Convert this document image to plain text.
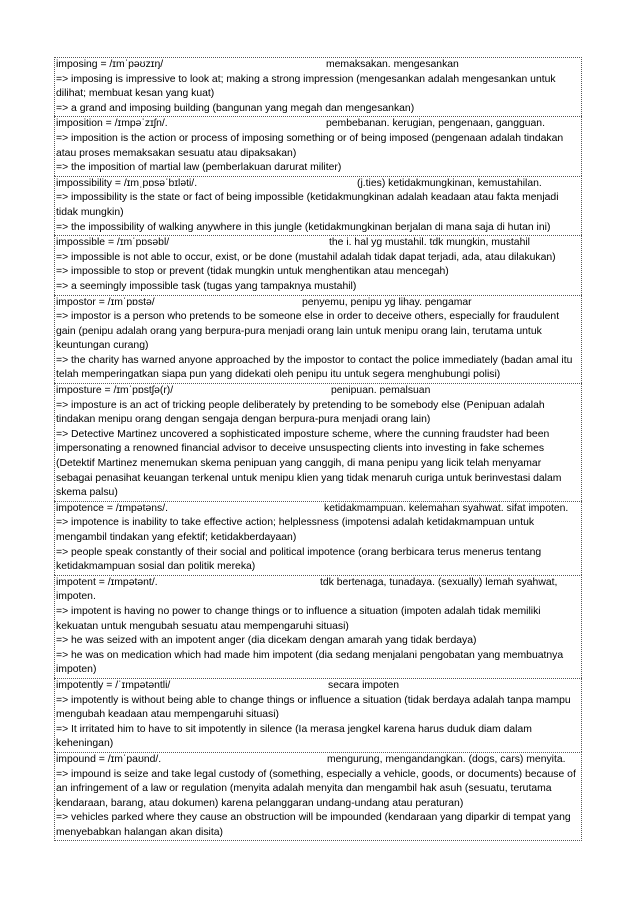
imposing = /ɪmˈpəʊzɪŋ/	memaksakan. mengesankan
=> imposing is impressive to look at; making a strong impression (mengesankan adalah mengesankan untuk dilihat; membuat kesan yang kuat)
=> a grand and imposing building (bangunan yang megah dan mengesankan)
imposition = /ɪmpəˈzɪʃn/.	pembebanan. kerugian, pengenaan, gangguan.
=> imposition is the action or process of imposing something or of being imposed (pengenaan adalah tindakan atau proses memaksakan sesuatu atau dipaksakan)
=> the imposition of martial law (pemberlakuan darurat militer)
impossibility = /ɪmˌpɒsəˈbɪləti/.	(j.ties) ketidakmungkinan, kemustahilan.
=> impossibility is the state or fact of being impossible (ketidakmungkinan adalah keadaan atau fakta menjadi tidak mungkin)
=> the impossibility of walking anywhere in this jungle (ketidakmungkinan berjalan di mana saja di hutan ini)
impossible = /ɪmˈpɒsəbl/	the i. hal yg mustahil. tdk mungkin, mustahil
=> impossible is not able to occur, exist, or be done (mustahil adalah tidak dapat terjadi, ada, atau dilakukan)
=> impossible to stop or prevent (tidak mungkin untuk menghentikan atau mencegah)
=> a seemingly impossible task (tugas yang tampaknya mustahil)
impostor = /ɪmˈpɒstə/	penyemu, penipu yg lihay. pengamar
=> impostor is a person who pretends to be someone else in order to deceive others, especially for fraudulent gain (penipu adalah orang yang berpura-pura menjadi orang lain untuk menipu orang lain, terutama untuk keuntungan curang)
=> the charity has warned anyone approached by the impostor to contact the police immediately (badan amal itu telah memperingatkan siapa pun yang didekati oleh penipu itu untuk segera menghubungi polisi)
imposture = /ɪmˈpɒstʃə(r)/	penipuan. pemalsuan
=> imposture is an act of tricking people deliberately by pretending to be somebody else (Penipuan adalah tindakan menipu orang dengan sengaja dengan berpura-pura menjadi orang lain)
=> Detective Martinez uncovered a sophisticated imposture scheme, where the cunning fraudster had been impersonating a renowned financial advisor to deceive unsuspecting clients into investing in fake schemes (Detektif Martinez menemukan skema penipuan yang canggih, di mana penipu yang licik telah menyamar sebagai penasihat keuangan terkenal untuk menipu klien yang tidak menaruh curiga untuk berinvestasi dalam skema palsu)
impotence = /ɪmpətəns/.	ketidakmampuan. kelemahan syahwat. sifat impoten.
=> impotence is inability to take effective action; helplessness (impotensi adalah ketidakmampuan untuk mengambil tindakan yang efektif; ketidakberdayaan)
=> people speak constantly of their social and political impotence (orang berbicara terus menerus tentang ketidakmampuan sosial dan politik mereka)
impotent = /ɪmpətənt/.	tdk bertenaga, tunadaya. (sexually) lemah syahwat,
impoten.
=> impotent is having no power to change things or to influence a situation (impoten adalah tidak memiliki kekuatan untuk mengubah sesuatu atau mempengaruhi situasi)
=> he was seized with an impotent anger (dia dicekam dengan amarah yang tidak berdaya)
=> he was on medication which had made him impotent (dia sedang menjalani pengobatan yang membuatnya impoten)
impotently = /ˈɪmpətəntli/	secara impoten
=> impotently is without being able to change things or influence a situation (tidak berdaya adalah tanpa mampu mengubah keadaan atau mempengaruhi situasi)
=> It irritated him to have to sit impotently in silence (Ia merasa jengkel karena harus duduk diam dalam keheningan)
impound = /ɪmˈpaʊnd/.	mengurung, mengandangkan. (dogs, cars) menyita.
=> impound is seize and take legal custody of (something, especially a vehicle, goods, or documents) because of an infringement of a law or regulation (menyita adalah menyita dan mengambil hak asuh (sesuatu, terutama kendaraan, barang, atau dokumen) karena pelanggaran undang-undang atau peraturan)
=> vehicles parked where they cause an obstruction will be impounded (kendaraan yang diparkir di tempat yang menyebabkan halangan akan disita)
